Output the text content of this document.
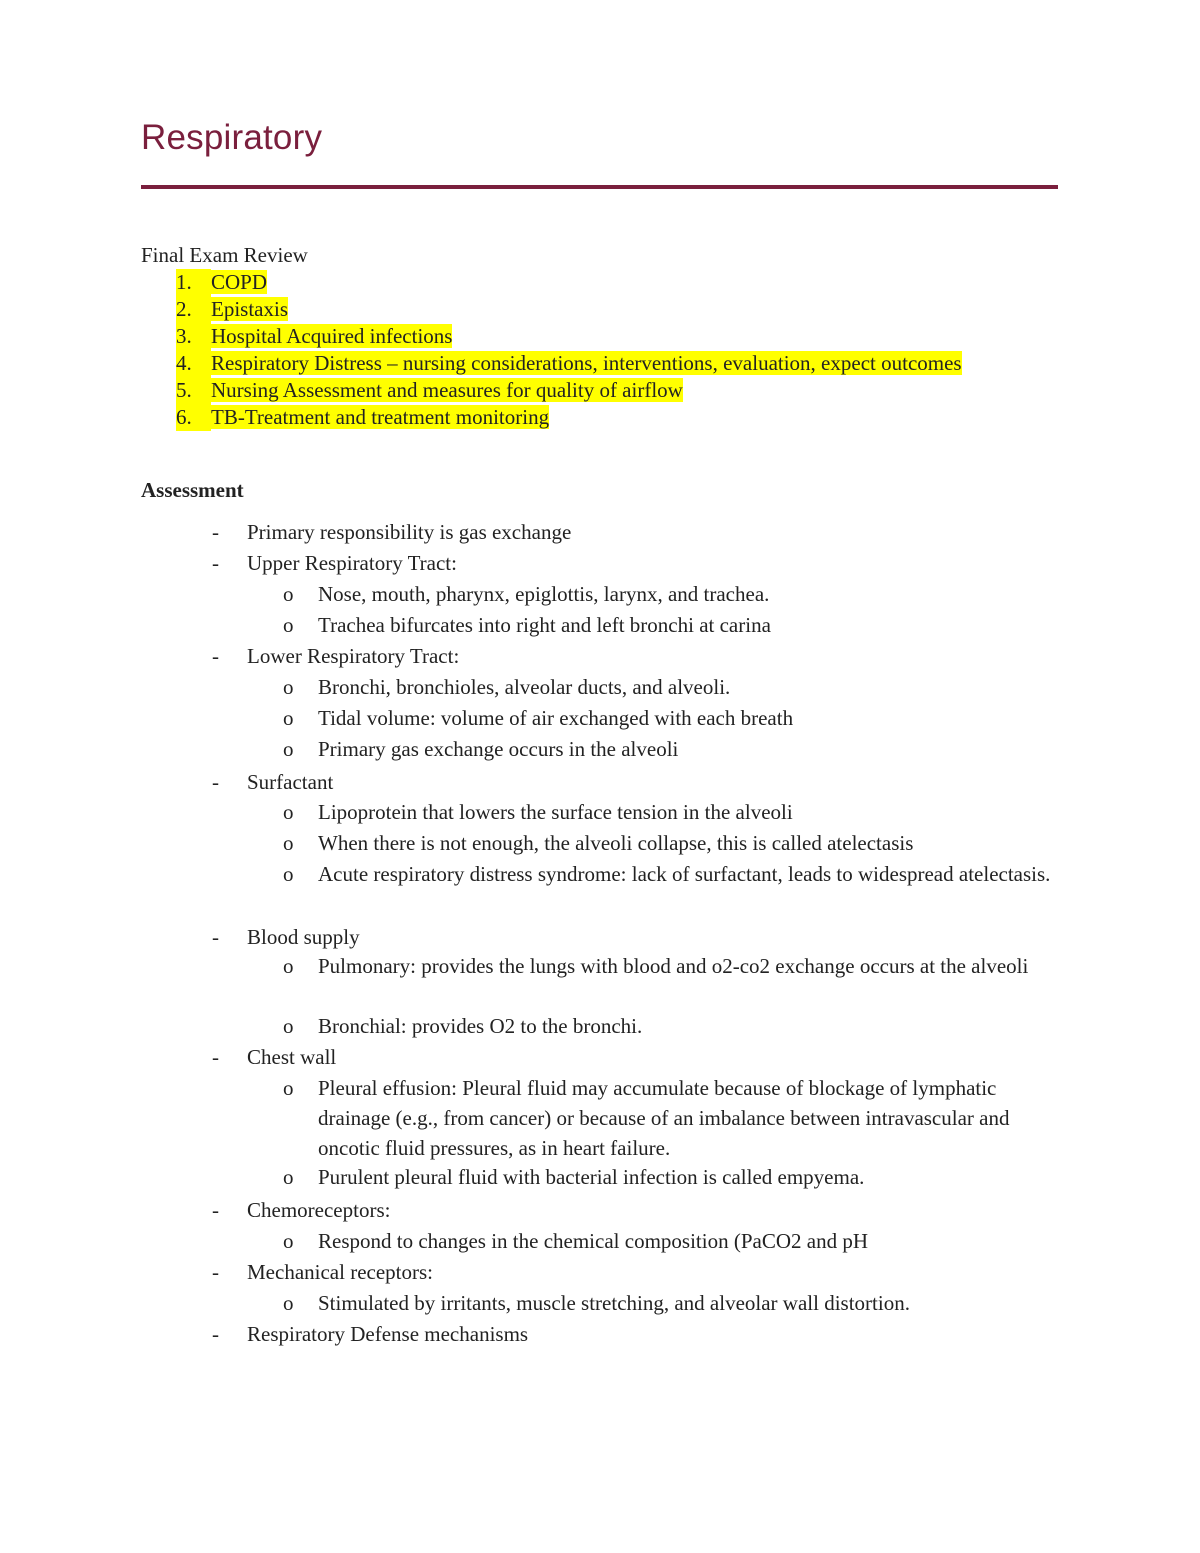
Respiratory
Final Exam Review
1. COPD
2. Epistaxis
3. Hospital Acquired infections
4. Respiratory Distress – nursing considerations, interventions, evaluation, expect outcomes
5. Nursing Assessment and measures for quality of airflow
6. TB-Treatment and treatment monitoring
Assessment
-	Primary responsibility is gas exchange
-	Upper Respiratory Tract:
o	Nose, mouth, pharynx, epiglottis, larynx, and trachea.
o	Trachea bifurcates into right and left bronchi at carina
-	Lower Respiratory Tract:
o	Bronchi, bronchioles, alveolar ducts, and alveoli.
o	Tidal volume: volume of air exchanged with each breath
o	Primary gas exchange occurs in the alveoli
-	Surfactant
o	Lipoprotein that lowers the surface tension in the alveoli
o	When there is not enough, the alveoli collapse, this is called atelectasis
o	Acute respiratory distress syndrome: lack of surfactant, leads to widespread atelectasis.
-	Blood supply
o	Pulmonary: provides the lungs with blood and o2-co2 exchange occurs at the alveoli
o	Bronchial: provides O2 to the bronchi.
-	Chest wall
o	Pleural effusion: Pleural fluid may accumulate because of blockage of lymphatic drainage (e.g., from cancer) or because of an imbalance between intravascular and oncotic fluid pressures, as in heart failure.
o	Purulent pleural fluid with bacterial infection is called empyema.
-	Chemoreceptors:
o	Respond to changes in the chemical composition (PaCO2 and pH
-	Mechanical receptors:
o	Stimulated by irritants, muscle stretching, and alveolar wall distortion.
-	Respiratory Defense mechanisms
